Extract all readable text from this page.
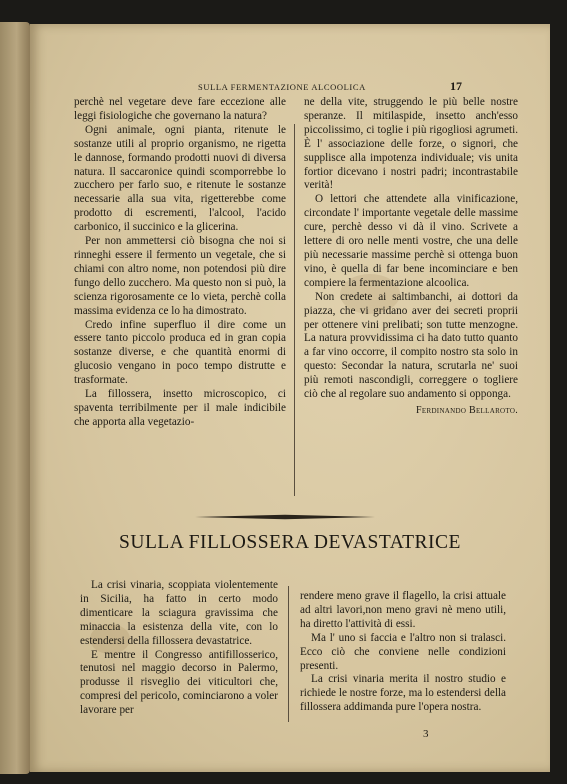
SULLA FERMENTAZIONE ALCOOLICA	17

perchè nel vegetare deve fare eccezione alle leggi fisiologiche che governano la natura?

Ogni animale, ogni pianta, ritenute le sostanze utili al proprio organismo, ne rigetta le dannose, formando prodotti nuovi di diversa natura. Il saccaronice quindi scomporrebbe lo zucchero per farlo suo, e ritenute le sostanze necessarie alla sua vita, rigetterebbe come prodotto di escrementi, l'alcool, l'acido carbonico, il succinico e la glicerina.

Per non ammettersi ciò bisogna che noi si rinneghi essere il fermento un vegetale, che si chiami con altro nome, non potendosi più dire fungo dello zucchero. Ma questo non si può, la scienza rigorosamente ce lo vieta, perchè colla massima evidenza ce lo ha dimostrato.

Credo infine superfluo il dire come un essere tanto piccolo produca ed in gran copia sostanze diverse, e che quantità enormi di glucosio vengano in poco tempo distrutte e trasformate.

La fillossera, insetto microscopico, ci spaventa terribilmente per il male indicibile che apporta alla vegetazio-

ne della vite, struggendo le più belle nostre speranze. Il mitilaspide, insetto anch'esso piccolissimo, ci toglie i più rigogliosi agrumeti. È l' associazione delle forze, o signori, che supplisce alla impotenza individuale; vis unita fortior dicevano i nostri padri; incontrastabile verità!

O lettori che attendete alla vinificazione, circondate l' importante vegetale delle massime cure, perchè desso vi dà il vino. Scrivete a lettere di oro nelle menti vostre, che una delle più necessarie massime perchè si ottenga buon vino, è quella di far bene incominciare e ben compiere la fermentazione alcoolica.

Non credete ai saltimbanchi, ai dottori da piazza, che vi gridano aver dei secreti proprii per ottenere vini prelibati; son tutte menzogne. La natura provvidissima ci ha dato tutto quanto a far vino occorre, il compito nostro sta solo in questo: Secondar la natura, scrutarla ne' suoi più remoti nascondigli, correggere o togliere ciò che al regolare suo andamento si opponga.

Ferdinando Bellaroto.
SULLA FILLOSSERA DEVASTATRICE

La crisi vinaria, scoppiata violentemente in Sicilia, ha fatto in certo modo dimenticare la sciagura gravissima che minaccia la esistenza della vite, con lo estendersi della fillossera devastatrice.

E mentre il Congresso antifillosserico, tenutosi nel maggio decorso in Palermo, produsse il risveglio dei viticultori che, compresi del pericolo, cominciarono a voler lavorare per

rendere meno grave il flagello, la crisi attuale ad altri lavori,non meno gravi nè meno utili, ha diretto l'attività di essi.

Ma l' uno si faccia e l'altro non si tralasci. Ecco ciò che conviene nelle condizioni presenti.

La crisi vinaria merita il nostro studio e richiede le nostre forze, ma lo estendersi della fillossera addimanda pure l'opera nostra.

3
